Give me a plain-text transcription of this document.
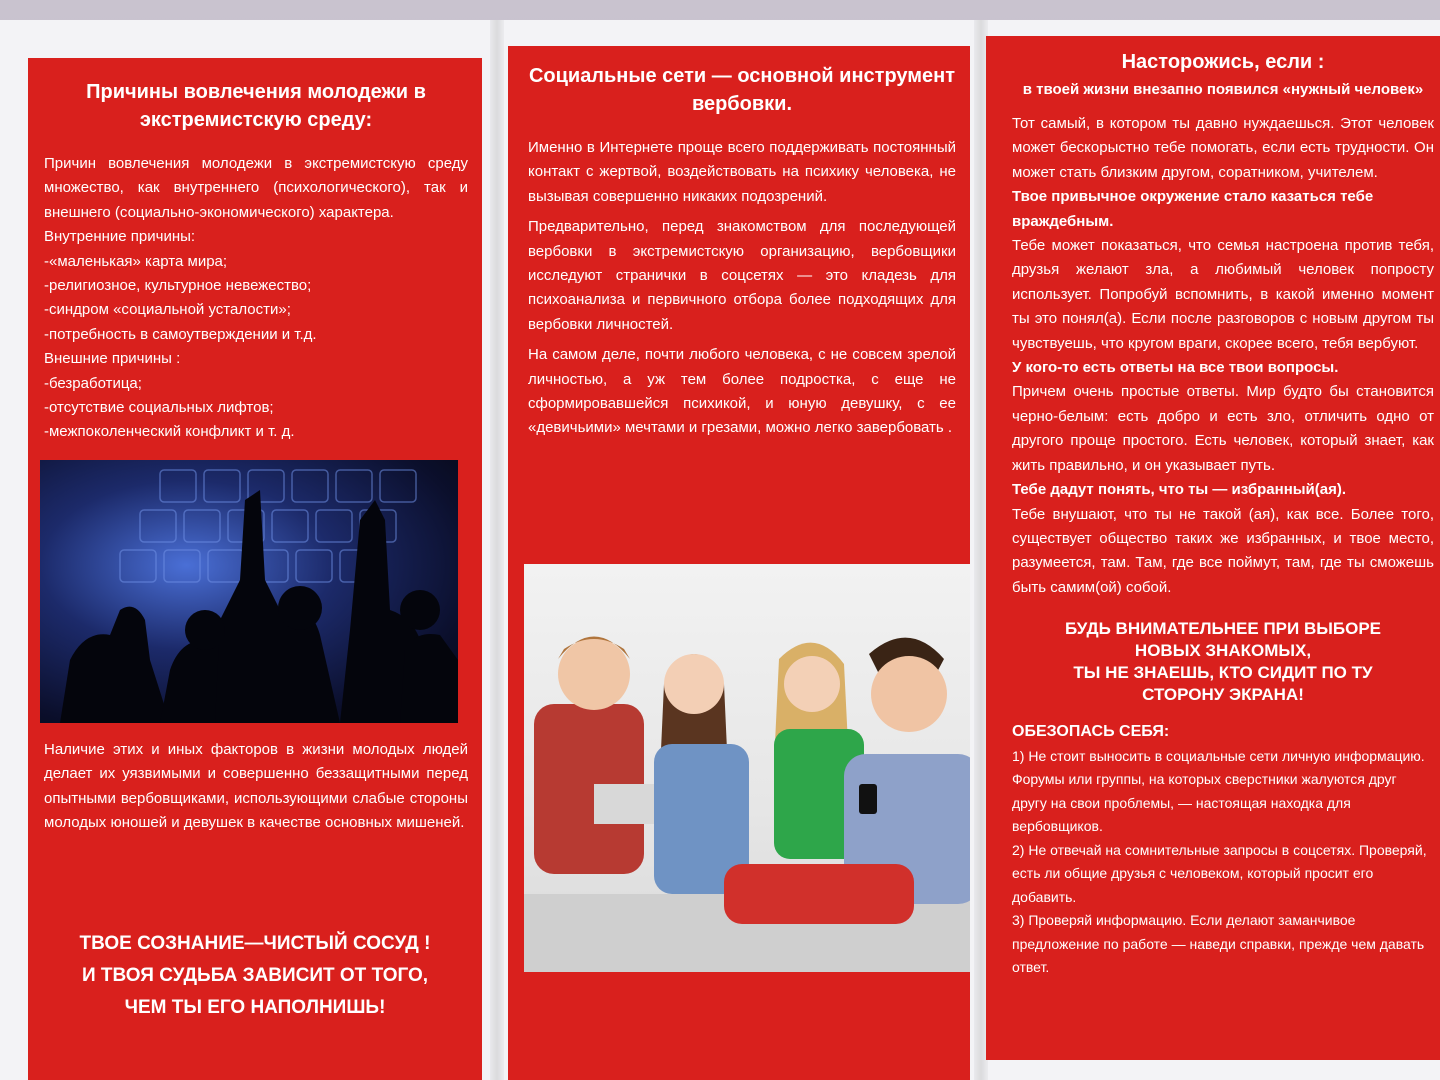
Причины вовлечения молодежи в экстремистскую среду:

Причин вовлечения молодежи в экстремистскую среду множество, как внутреннего (психологического), так и внешнего (социально-экономического) характера.

Внутренние причины:

-«маленькая» карта мира;

-религиозное, культурное невежество;

-синдром «социальной усталости»;

-потребность в самоутверждении и т.д.

Внешние причины :

-безработица;

-отсутствие социальных лифтов;

-межпоколенческий конфликт и т. д.

Наличие этих и иных факторов в жизни молодых людей делает их уязвимыми и совершенно беззащитными перед опытными вербовщиками, использующими слабые стороны молодых юношей и девушек в качестве основных мишеней.

ТВОЕ СОЗНАНИЕ—ЧИСТЫЙ СОСУД !
И ТВОЯ СУДЬБА ЗАВИСИТ ОТ ТОГО,
ЧЕМ ТЫ ЕГО НАПОЛНИШЬ!
Социальные сети — основной инструмент вербовки.

Именно в Интернете проще всего поддерживать постоянный контакт с жертвой, воздействовать на психику человека, не вызывая совершенно никаких подозрений.

Предварительно, перед знакомством для последующей вербовки в экстремистскую организацию, вербовщики исследуют странички в соцсетях — это кладезь для психоанализа и первичного отбора более подходящих для вербовки личностей.

На самом деле, почти любого человека, с не совсем зрелой личностью, а уж тем более подростка, с еще не сформировавшейся психикой, и юную девушку, с ее «девичьими» мечтами и грезами, можно легко завербовать .

Насторожись, если :
в твоей жизни внезапно появился «нужный человек»

Тот самый, в котором ты давно нуждаешься. Этот человек может бескорыстно тебе помогать, если есть трудности. Он может стать близким другом, соратником, учителем.

Твое привычное окружение стало казаться тебе враждебным.

Тебе может показаться, что семья настроена против тебя, друзья желают зла, а любимый человек попросту использует. Попробуй вспомнить, в какой именно момент ты это понял(а). Если после разговоров с новым другом ты чувствуешь, что кругом враги, скорее всего, тебя вербуют.

У кого-то есть ответы на все твои вопросы.

Причем очень простые ответы. Мир будто бы становится черно-белым: есть добро и есть зло, отличить одно от другого проще простого. Есть человек, который знает, как жить правильно, и он указывает путь.

Тебе дадут понять, что ты — избранный(ая).

Тебе внушают, что ты не такой (ая), как все. Более того, существует общество таких же избранных, и твое место, разумеется, там. Там, где все поймут, там, где ты сможешь быть самим(ой) собой.

БУДЬ ВНИМАТЕЛЬНЕЕ ПРИ ВЫБОРЕ
НОВЫХ ЗНАКОМЫХ,
ТЫ НЕ ЗНАЕШЬ, КТО СИДИТ ПО ТУ
СТОРОНУ ЭКРАНА!

ОБЕЗОПАСЬ СЕБЯ:

1) Не стоит выносить в социальные сети личную информацию. Форумы или группы, на которых сверстники жалуются друг другу на свои проблемы, — настоящая находка для вербовщиков.

2) Не отвечай на сомнительные запросы в соцсетях. Проверяй, есть ли общие друзья с человеком, который просит его добавить.

3) Проверяй информацию. Если делают заманчивое предложение по работе — наведи справки, прежде чем давать ответ.
